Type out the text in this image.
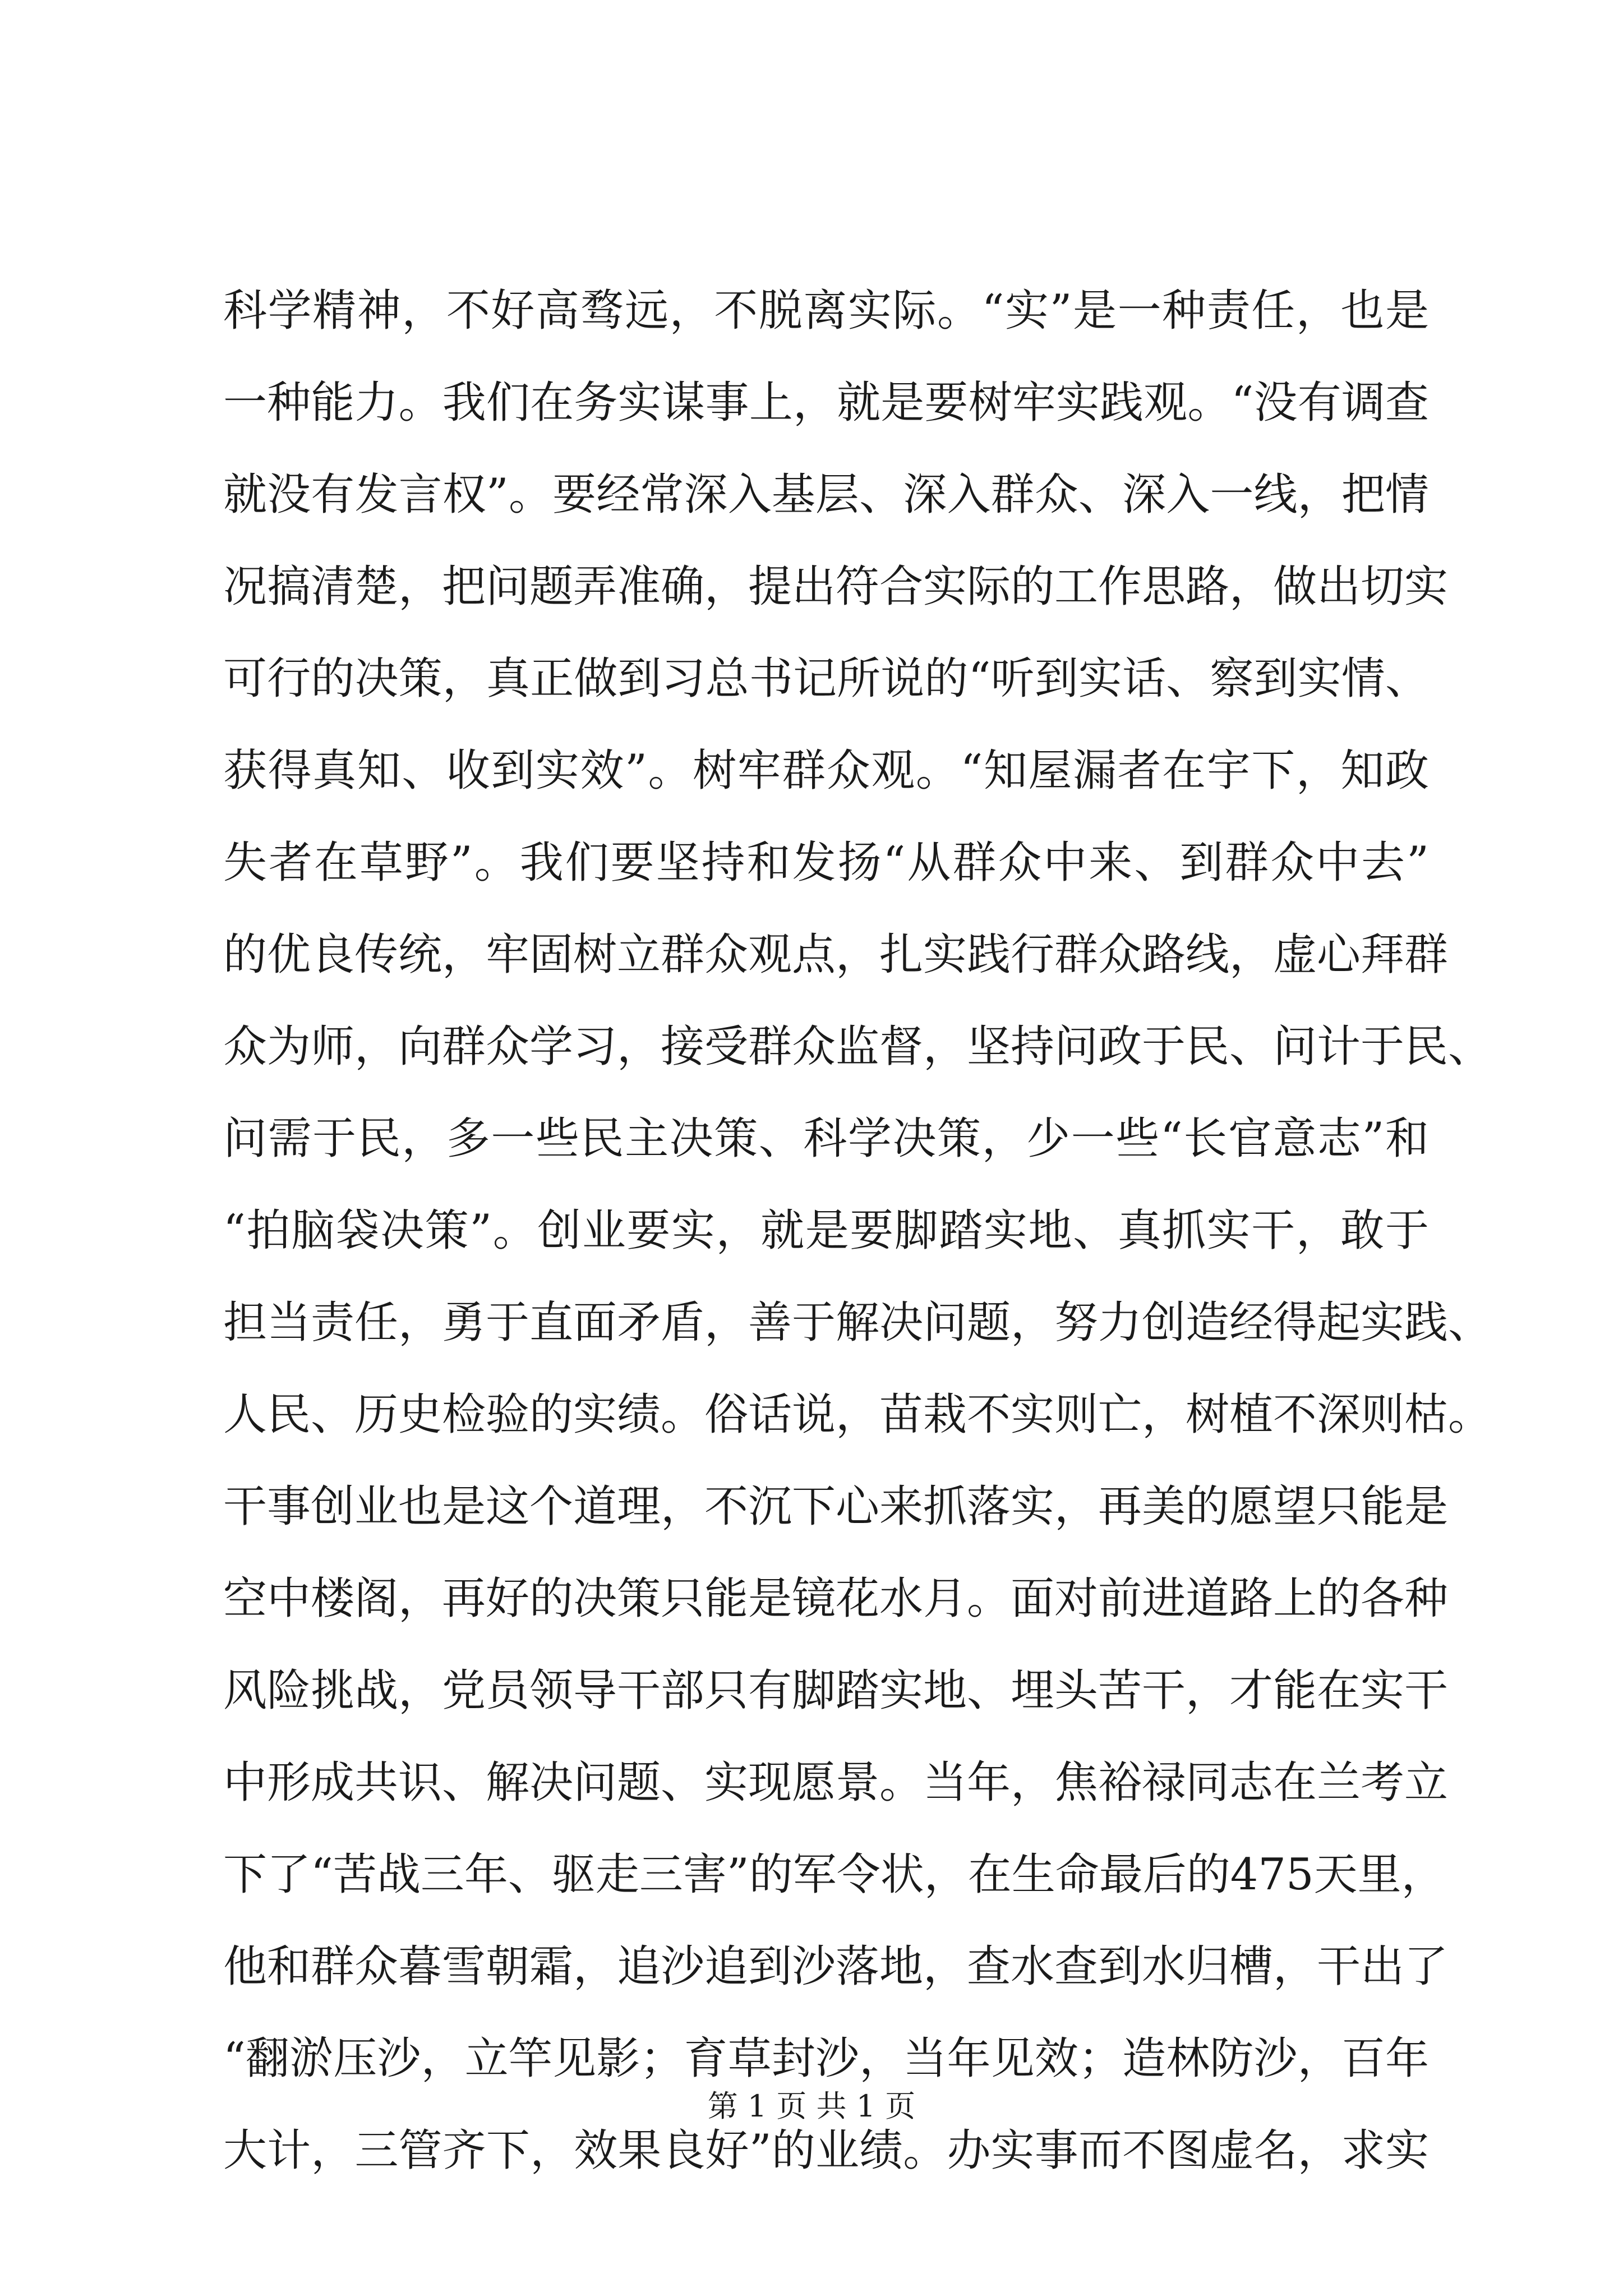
科学精神，不好高骛远，不脱离实际。“实”是一种责任，也是
一种能力。我们在务实谋事上，就是要树牢实践观。“没有调查
就没有发言权”。要经常深入基层、深入群众、深入一线，把情
况搞清楚，把问题弄准确，提出符合实际的工作思路，做出切实
可行的决策，真正做到习总书记所说的“听到实话、察到实情、
获得真知、收到实效”。树牢群众观。“知屋漏者在宇下，知政
失者在草野”。我们要坚持和发扬“从群众中来、到群众中去”
的优良传统，牢固树立群众观点，扎实践行群众路线，虚心拜群
众为师，向群众学习，接受群众监督，坚持问政于民、问计于民、
问需于民，多一些民主决策、科学决策，少一些“长官意志”和
“拍脑袋决策”。创业要实，就是要脚踏实地、真抓实干，敢于
担当责任，勇于直面矛盾，善于解决问题，努力创造经得起实践、
人民、历史检验的实绩。俗话说，苗栽不实则亡，树植不深则枯。
干事创业也是这个道理，不沉下心来抓落实，再美的愿望只能是
空中楼阁，再好的决策只能是镜花水月。面对前进道路上的各种
风险挑战，党员领导干部只有脚踏实地、埋头苦干，才能在实干
中形成共识、解决问题、实现愿景。当年，焦裕禄同志在兰考立
下了“苦战三年、驱走三害”的军令状，在生命最后的475天里，
他和群众暮雪朝霜，追沙追到沙落地，查水查到水归槽，干出了
“翻淤压沙，立竿见影；育草封沙，当年见效；造林防沙，百年
大计，三管齐下，效果良好”的业绩。办实事而不图虚名，求实
第 1 页 共 1 页
